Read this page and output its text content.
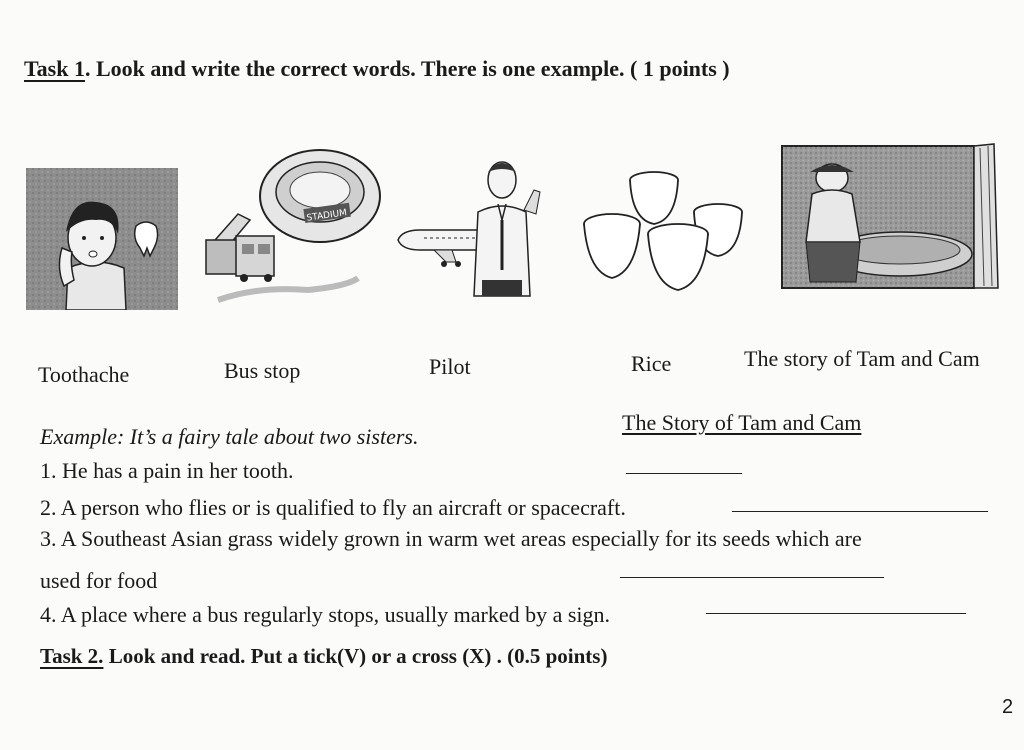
Task 1. Look and write the correct words. There is one example. ( 1 points )
STADIUM
Toothache	Bus stop	Pilot	Rice	The story of Tam and Cam
Example: It’s a fairy tale about two sisters.
The Story of Tam and Cam
1. He has a pain in her tooth.
2. A person who flies or is qualified to fly an aircraft or spacecraft.
3. A Southeast Asian grass widely grown in warm wet areas especially for its seeds which are
used for food
4. A place where a bus regularly stops, usually marked by a sign.
Task 2. Look and read. Put a tick(V) or a cross (X) . (0.5 points)
2
